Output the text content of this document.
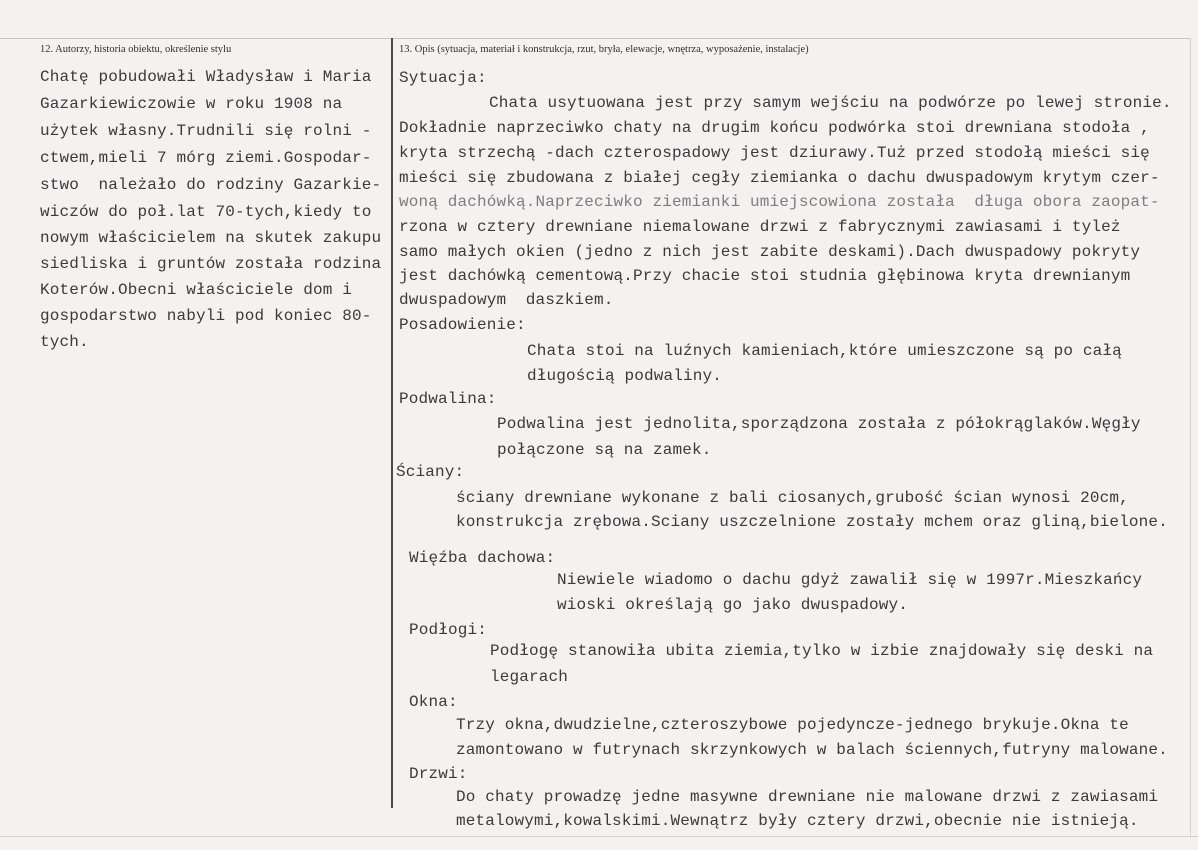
12. Autorzy, historia obiektu, określenie stylu	13. Opis (sytuacja, materiał i konstrukcja, rzut, bryła, elewacje, wnętrza, wyposażenie, instalacje)
Chatę pobudowałi Władysław i Maria
Gazarkiewiczowie w roku 1908 na
użytek własny.Trudnili się rolni -
ctwem,mieli 7 mórg ziemi.Gospodar-
stwo  należało do rodziny Gazarkie-
wiczów do poł.lat 70-tych,kiedy to
nowym właścicielem na skutek zakupu
siedliska i gruntów została rodzina
Koterów.Obecni właściciele dom i
gospodarstwo nabyli pod koniec 80-
tych.
Sytuacja:
Chata usytuowana jest przy samym wejściu na podwórze po lewej stronie.
Dokładnie naprzeciwko chaty na drugim końcu podwórka stoi drewniana stodoła ,
kryta strzechą -dach czterospadowy jest dziurawy.Tuż przed stodołą mieści się
mieści się zbudowana z białej cegły ziemianka o dachu dwuspadowym krytym czer-
woną dachówką.Naprzeciwko ziemianki umiejscowiona została  długa obora zaopat-
rzona w cztery drewniane niemalowane drzwi z fabrycznymi zawiasami i tyleż
samo małych okien (jedno z nich jest zabite deskami).Dach dwuspadowy pokryty
jest dachówką cementową.Przy chacie stoi studnia głębinowa kryta drewnianym
dwuspadowym  daszkiem.
Posadowienie:
Chata stoi na luźnych kamieniach,które umieszczone są po całą
długością podwaliny.
Podwalina:
Podwalina jest jednolita,sporządzona została z półokrąglaków.Węgły
połączone są na zamek.
Ściany:
ściany drewniane wykonane z bali ciosanych,grubość ścian wynosi 20cm,
konstrukcja zrębowa.Sciany uszczelnione zostały mchem oraz gliną,bielone.
Więźba dachowa:
Niewiele wiadomo o dachu gdyż zawalił się w 1997r.Mieszkańcy
wioski określają go jako dwuspadowy.
Podłogi:
Podłogę stanowiła ubita ziemia,tylko w izbie znajdowały się deski na
legarach
Okna:
Trzy okna,dwudzielne,czteroszybowe pojedyncze-jednego brykuje.Okna te
zamontowano w futrynach skrzynkowych w balach ściennych,futryny malowane.
Drzwi:
Do chaty prowadzę jedne masywne drewniane nie malowane drzwi z zawiasami
metalowymi,kowalskimi.Wewnątrz były cztery drzwi,obecnie nie istnieją.
